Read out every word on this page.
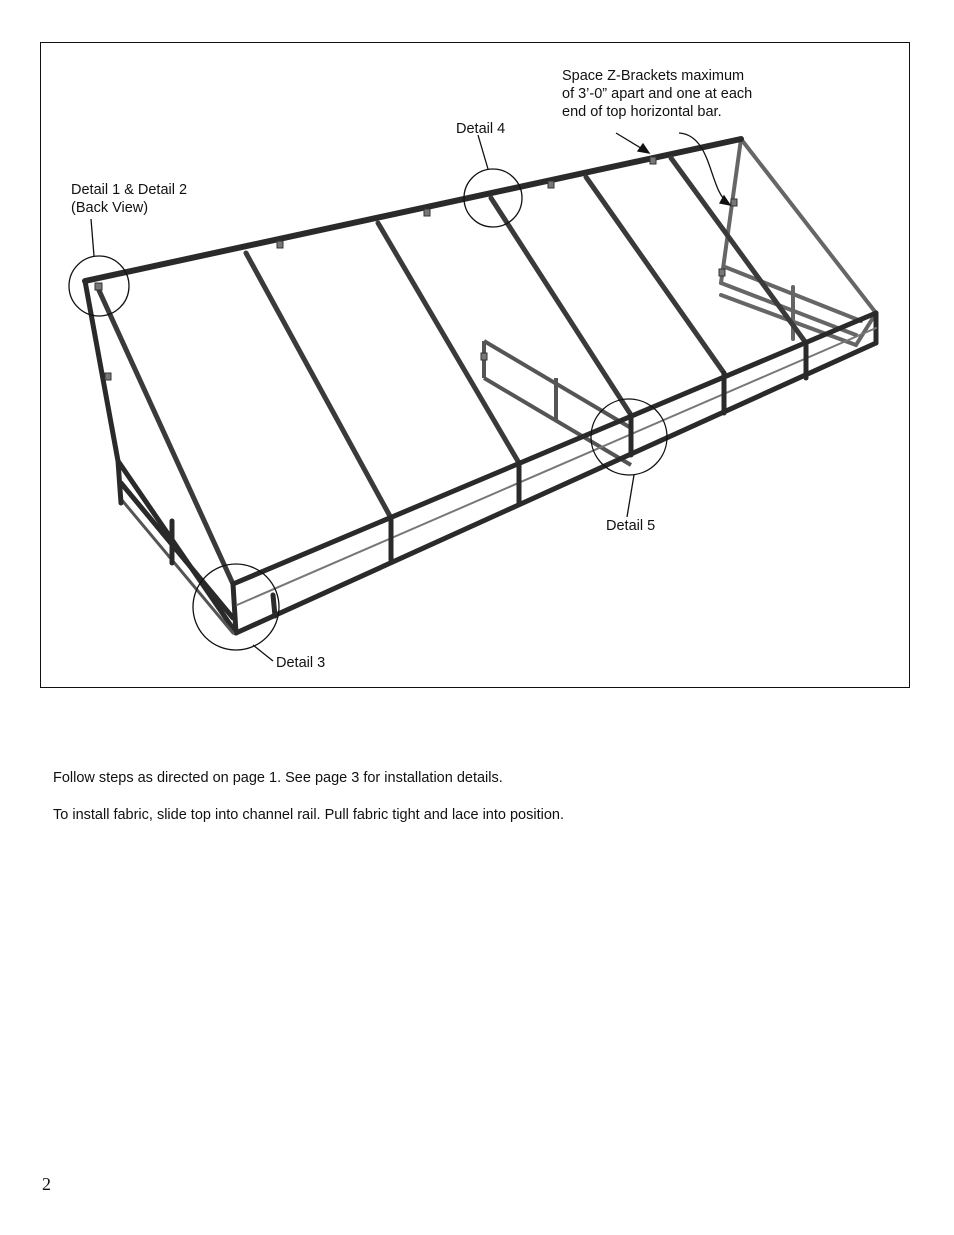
Detail 1 & Detail 2
(Back View)
Detail 4
Space Z-Brackets maximum
of 3’-0” apart and one at each
end of top horizontal bar.
Detail 5
Detail 3
Follow steps as directed on page 1. See page 3 for installation details.
To install fabric, slide top into channel rail. Pull fabric tight and lace into position.
2
